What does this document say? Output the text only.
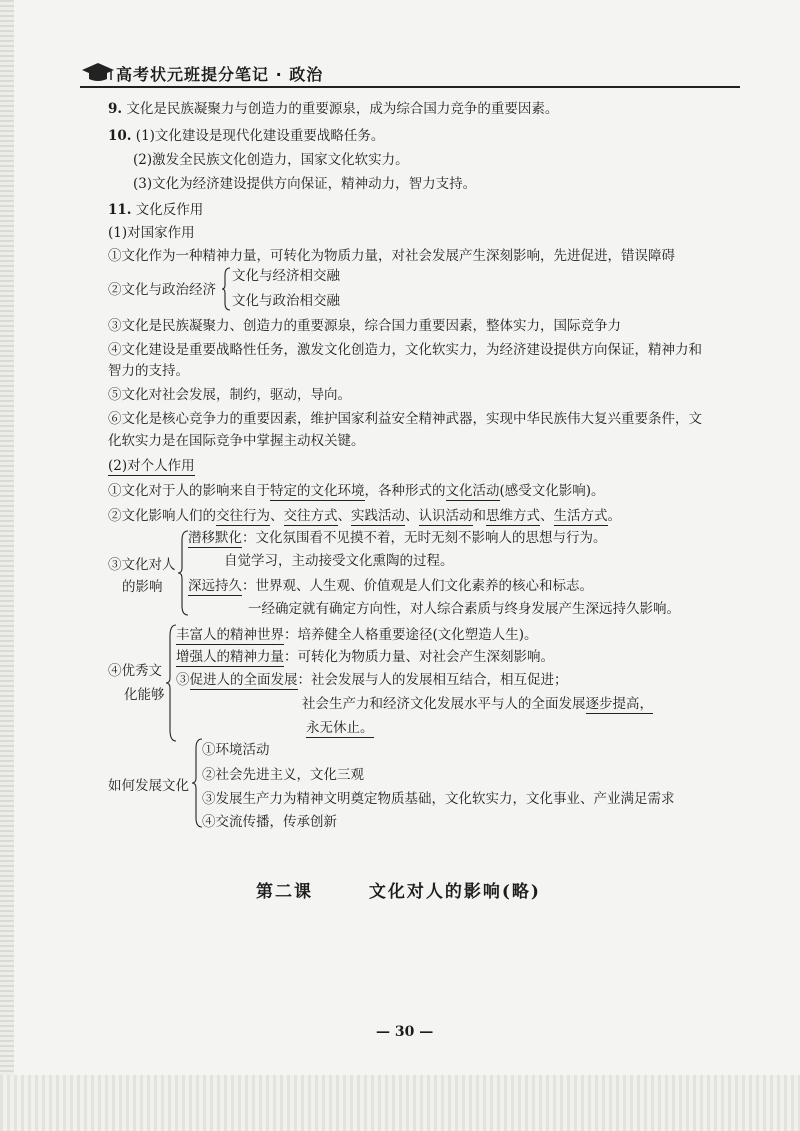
高考状元班提分笔记 · 政治
9. 文化是民族凝聚力与创造力的重要源泉，成为综合国力竞争的重要因素。
10. (1)文化建设是现代化建设重要战略任务。
(2)激发全民族文化创造力，国家文化软实力。
(3)文化为经济建设提供方向保证，精神动力，智力支持。
11. 文化反作用
(1)对国家作用
①文化作为一种精神力量，可转化为物质力量，对社会发展产生深刻影响，先进促进，错误障碍
②文化与政治经济
文化与经济相交融
文化与政治相交融
③文化是民族凝聚力、创造力的重要源泉，综合国力重要因素，整体实力，国际竞争力
④文化建设是重要战略性任务，激发文化创造力，文化软实力，为经济建设提供方向保证，精神力和
智力的支持。
⑤文化对社会发展，制约，驱动，导向。
⑥文化是核心竞争力的重要因素，维护国家利益安全精神武器，实现中华民族伟大复兴重要条件，文
化软实力是在国际竞争中掌握主动权关键。
(2)对个人作用
①文化对于人的影响来自于特定的文化环境，各种形式的文化活动(感受文化影响)。
②文化影响人们的交往行为、交往方式、实践活动、认识活动和思维方式、生活方式。
③文化对人
的影响
潜移默化：文化氛围看不见摸不着，无时无刻不影响人的思想与行为。
自觉学习，主动接受文化熏陶的过程。
深远持久：世界观、人生观、价值观是人们文化素养的核心和标志。
一经确定就有确定方向性，对人综合素质与终身发展产生深远持久影响。
④优秀文
化能够
丰富人的精神世界：培养健全人格重要途径(文化塑造人生)。
增强人的精神力量：可转化为物质力量、对社会产生深刻影响。
③促进人的全面发展：社会发展与人的发展相互结合，相互促进；
社会生产力和经济文化发展水平与人的全面发展逐步提高，
永无休止。
如何发展文化
①环境活动
②社会先进主义，文化三观
③发展生产力为精神文明奠定物质基础，文化软实力，文化事业、产业满足需求
④交流传播，传承创新
第二课	文化对人的影响(略)
— 30 —
